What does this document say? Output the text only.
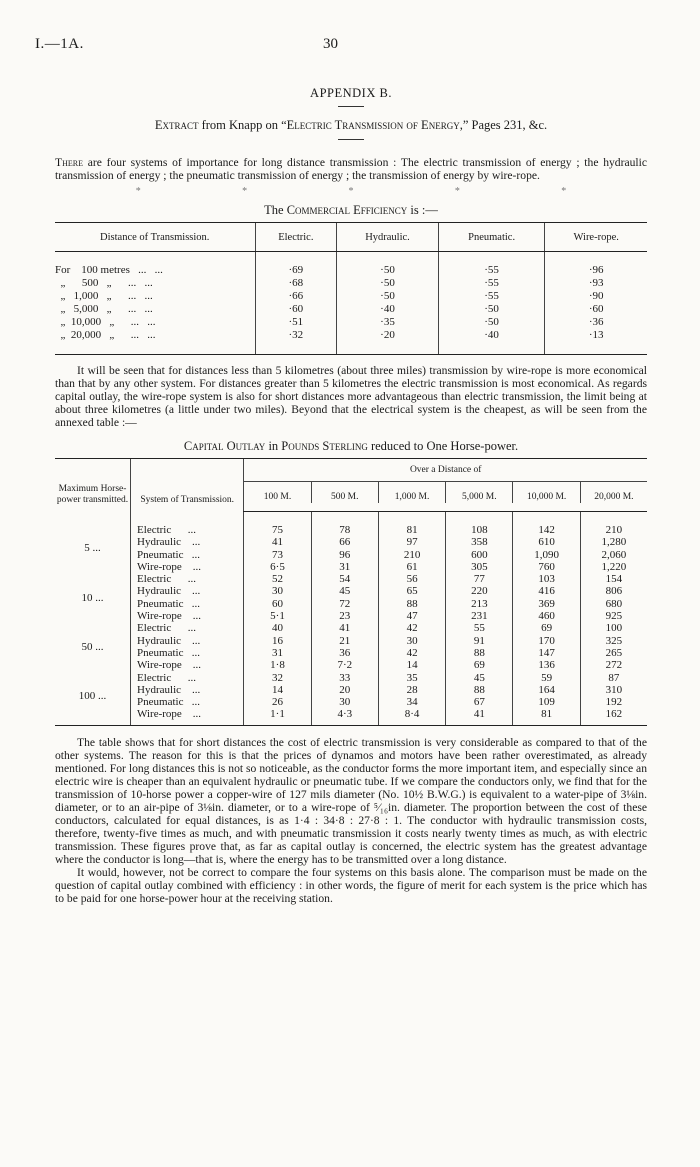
I.—1A.	30
APPENDIX B.
Extract from Knapp on “Electric Transmission of Energy,” Pages 231, &c.

There are four systems of importance for long distance transmission : The electric transmission of energy ; the hydraulic transmission of energy ; the pneumatic transmission of energy ; the transmission of energy by wire-rope.

*	*	*	*	*
The Commercial Efficiency is :—
Distance of Transmission.	Electric.	Hydraulic.	Pneumatic.	Wire-rope.

For    100 metres   ...   ...	·69	·50	·55	·96
„      500   „      ...   ...	·68	·50	·55	·93
„   1,000   „      ...   ...	·66	·50	·55	·90
„   5,000   „      ...   ...	·60	·40	·50	·60
„  10,000   „      ...   ...	·51	·35	·50	·36
„  20,000   „      ...   ...	·32	·20	·40	·13

It will be seen that for distances less than 5 kilometres (about three miles) transmission by wire-rope is more economical than that by any other system. For distances greater than 5 kilometres the electric transmission is most economical. As regards capital outlay, the wire-rope system is also for short distances more advantageous than electric transmission, the limit being at about three kilometres (a little under two miles). Beyond that the electrical system is the cheapest, as will be seen from the annexed table :—

Capital Outlay in Pounds Sterling reduced to One Horse-power.
Maximum Horse-power transmitted.	System of Transmission.	Over a Distance of					
		100 M.	500 M.	1,000 M.	5,000 M.	10,000 M.	20,000 M.

5 ...	Electric      ...	75	78	81	108	142	210
	Hydraulic    ...	41	66	97	358	610	1,280
	Pneumatic   ...	73	96	210	600	1,090	2,060
	Wire-rope    ...	6·5	31	61	305	760	1,220
10 ...	Electric      ...	52	54	56	77	103	154
	Hydraulic    ...	30	45	65	220	416	806
	Pneumatic   ...	60	72	88	213	369	680
	Wire-rope    ...	5·1	23	47	231	460	925
50 ...	Electric      ...	40	41	42	55	69	100
	Hydraulic    ...	16	21	30	91	170	325
	Pneumatic   ...	31	36	42	88	147	265
	Wire-rope    ...	1·8	7·2	14	69	136	272
100 ...	Electric      ...	32	33	35	45	59	87
	Hydraulic    ...	14	20	28	88	164	310
	Pneumatic   ...	26	30	34	67	109	192
	Wire-rope    ...	1·1	4·3	8·4	41	81	162

The table shows that for short distances the cost of electric transmission is very considerable as compared to that of the other systems. The reason for this is that the prices of dynamos and motors have been rather overestimated, as already mentioned. For long distances this is not so noticeable, as the conductor forms the more important item, and especially since an electric wire is cheaper than an equivalent hydraulic or pneumatic tube. If we compare the conductors only, we find that for the transmission of 10-horse power a copper-wire of 127 mils diameter (No. 10½ B.W.G.) is equivalent to a water-pipe of 3⅛in. diameter, or to an air-pipe of 3⅛in. diameter, or to a wire-rope of ⁵⁄₁₆in. diameter. The proportion between the cost of these conductors, calculated for equal distances, is as 1·4 : 34·8 : 27·8 : 1. The conductor with hydraulic transmission costs, therefore, twenty-five times as much, and with pneumatic transmission it costs nearly twenty times as much, as with electric transmission. These figures prove that, as far as capital outlay is concerned, the electric system has the greatest advantage where the conductor is long—that is, where the energy has to be transmitted over a long distance.

It would, however, not be correct to compare the four systems on this basis alone. The comparison must be made on the question of capital outlay combined with efficiency : in other words, the figure of merit for each system is the price which has to be paid for one horse-power hour at the receiving station.
